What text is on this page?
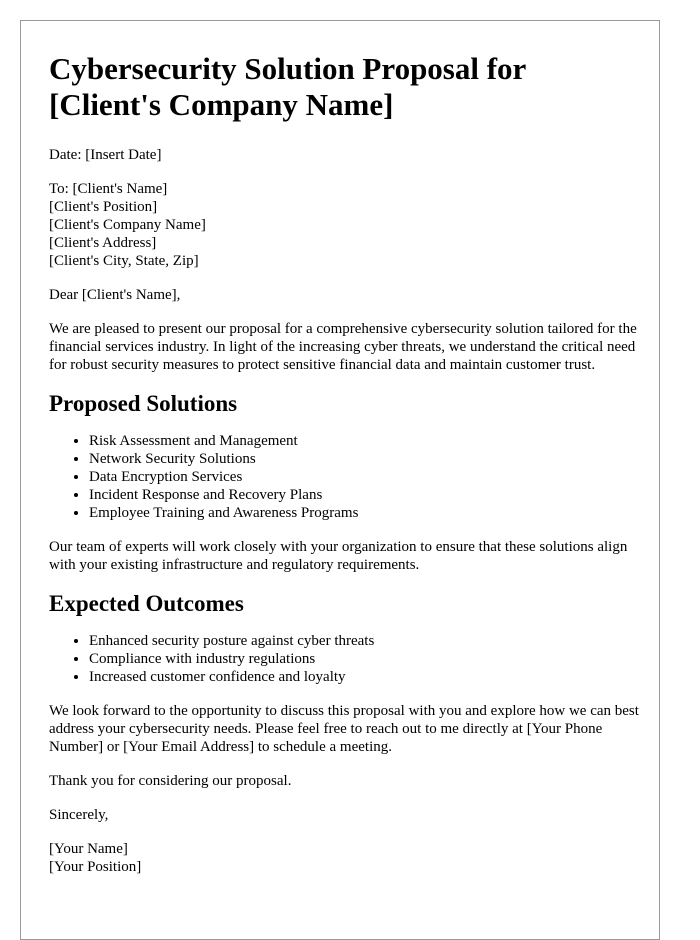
Cybersecurity Solution Proposal for [Client's Company Name]

Date: [Insert Date]

To: [Client's Name]
[Client's Position]
[Client's Company Name]
[Client's Address]
[Client's City, State, Zip]

Dear [Client's Name],

We are pleased to present our proposal for a comprehensive cybersecurity solution tailored for the financial services industry. In light of the increasing cyber threats, we understand the critical need for robust security measures to protect sensitive financial data and maintain customer trust.

Proposed Solutions
• Risk Assessment and Management
• Network Security Solutions
• Data Encryption Services
• Incident Response and Recovery Plans
• Employee Training and Awareness Programs

Our team of experts will work closely with your organization to ensure that these solutions align with your existing infrastructure and regulatory requirements.

Expected Outcomes
• Enhanced security posture against cyber threats
• Compliance with industry regulations
• Increased customer confidence and loyalty

We look forward to the opportunity to discuss this proposal with you and explore how we can best address your cybersecurity needs. Please feel free to reach out to me directly at [Your Phone Number] or [Your Email Address] to schedule a meeting.

Thank you for considering our proposal.

Sincerely,

[Your Name]
[Your Position]
